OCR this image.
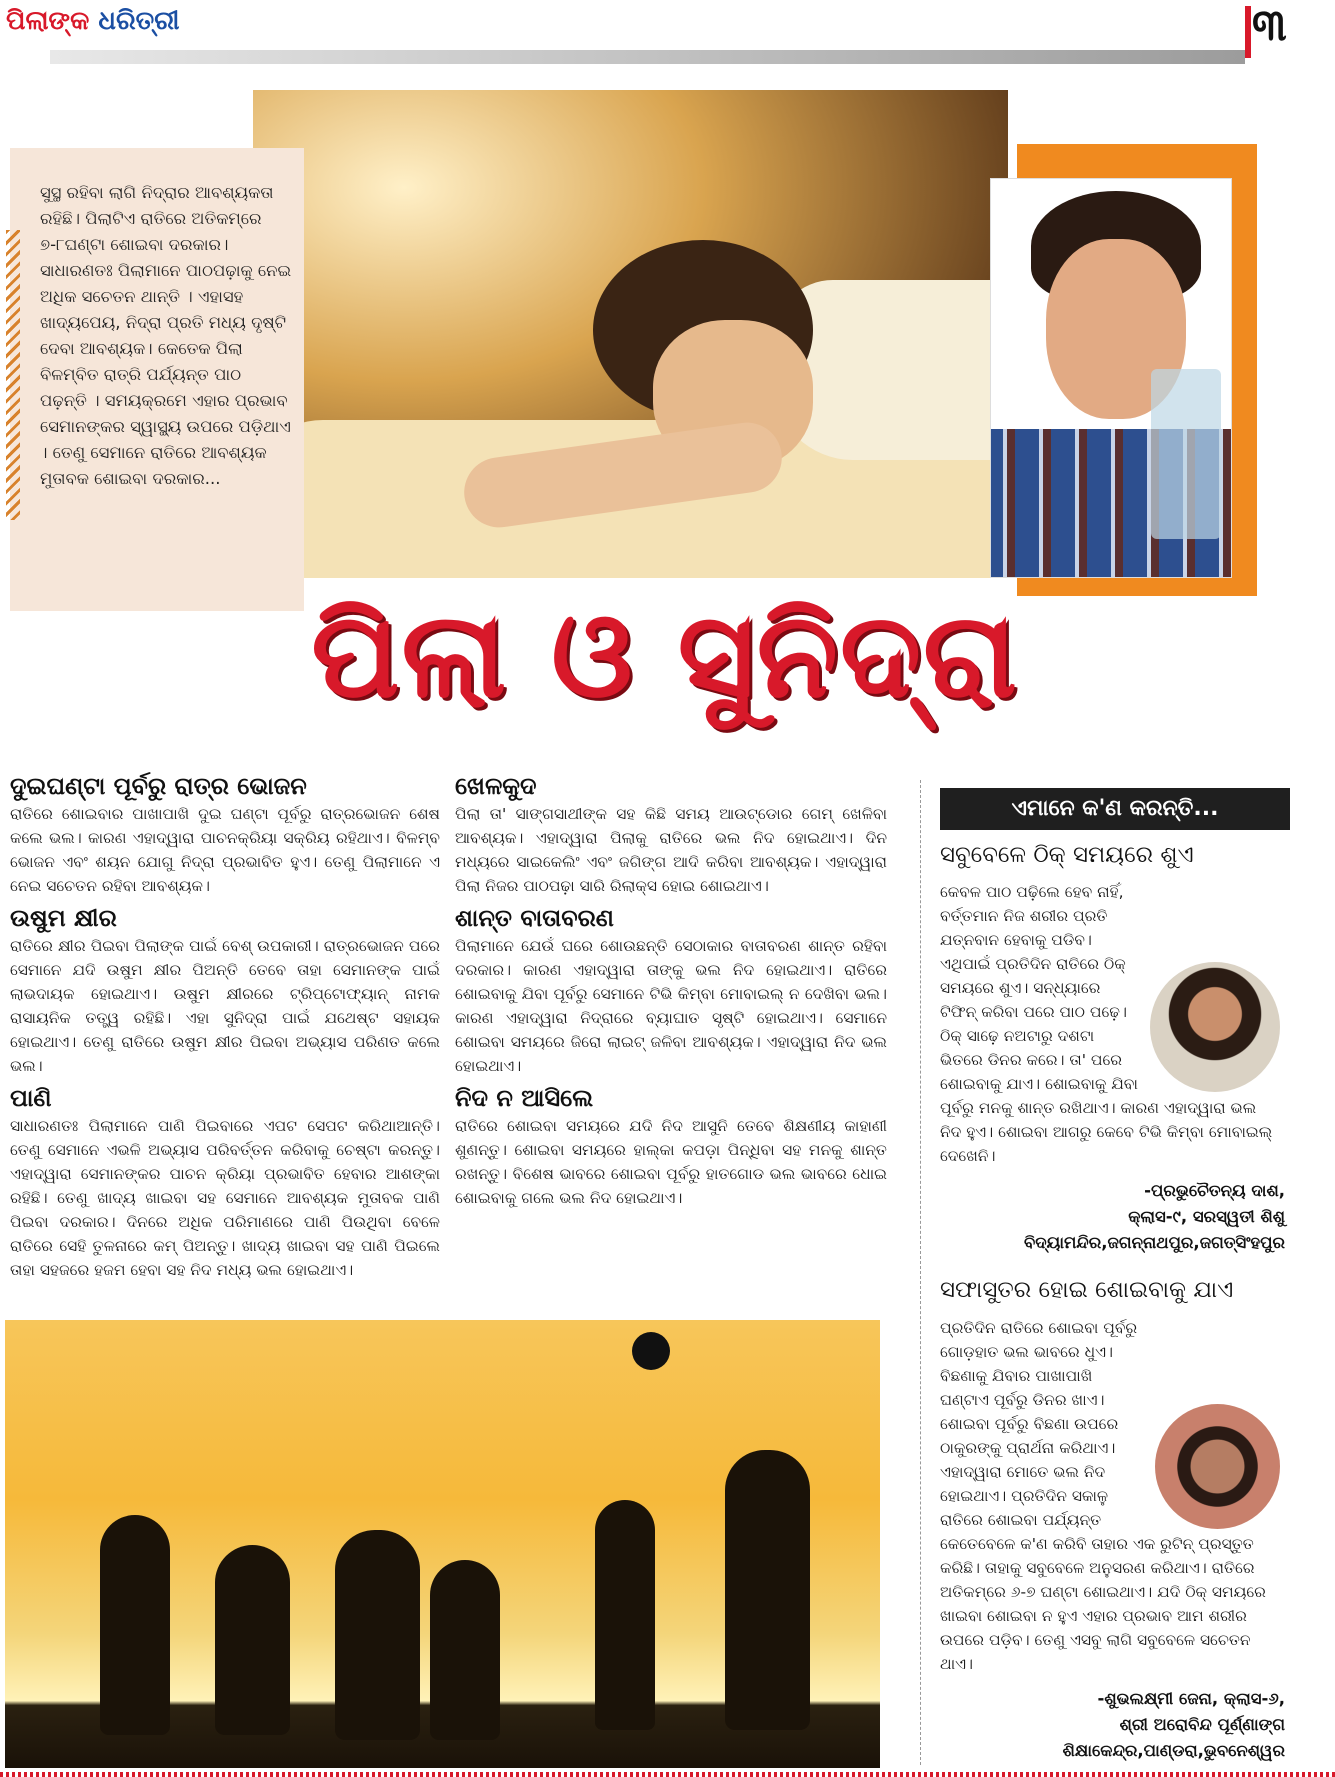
ପିଲାଙ୍କ ଧରିତ୍ରୀ	୩
ସୁସ୍ଥ ରହିବା ଲାଗି ନିଦ୍ରାର ଆବଶ୍ୟକତା ରହିଛି। ପିଲାଟିଏ ରାତିରେ ଅତିକମ୍‌ରେ ୭-୮ଘଣ୍ଟା ଶୋଇବା ଦରକାର। ସାଧାରଣତଃ ପିଲାମାନେ ପାଠପଢ଼ାକୁ ନେଇ ଅଧିକ ସଚେତନ ଥାନ୍ତି । ଏହାସହ ଖାଦ୍ୟପେୟ, ନିଦ୍ରା ପ୍ରତି ମଧ୍ୟ ଦୃଷ୍ଟି ଦେବା ଆବଶ୍ୟକ। କେତେକ ପିଲା ବିଳମ୍ବିତ ରାତ୍ରି ପର୍ଯ୍ୟନ୍ତ ପାଠ ପଢ଼ନ୍ତି । ସମୟକ୍ରମେ ଏହାର ପ୍ରଭାବ ସେମାନଙ୍କର ସ୍ୱାସ୍ଥ୍ୟ ଉପରେ ପଡ଼ିଥାଏ । ତେଣୁ ସେମାନେ ରାତିରେ ଆବଶ୍ୟକ ମୁତାବକ ଶୋଇବା ଦରକାର...
ପିଲା ଓ ସୁନିଦ୍ରା
ଦୁଇଘଣ୍ଟା ପୂର୍ବରୁ ରାତ୍ର ଭୋଜନ
ରାତିରେ ଶୋଇବାର ପାଖାପାଖି ଦୁଇ ଘଣ୍ଟା ପୂର୍ବରୁ ରାତ୍ରଭୋଜନ ଶେଷ କଲେ ଭଲ। କାରଣ ଏହାଦ୍ୱାରା ପାଚନକ୍ରିୟା ସକ୍ରିୟ ରହିଥାଏ। ବିଳମ୍ବ ଭୋଜନ ଏବଂ ଶୟନ ଯୋଗୁ ନିଦ୍ରା ପ୍ରଭାବିତ ହୁଏ। ତେଣୁ ପିଲାମାନେ ଏ ନେଇ ସଚେତନ ରହିବା ଆବଶ୍ୟକ।
ଉଷୁମ କ୍ଷୀର
ରାତିରେ କ୍ଷୀର ପିଇବା ପିଲାଙ୍କ ପାଇଁ ବେଶ୍ ଉପକାରୀ। ରାତ୍ରଭୋଜନ ପରେ ସେମାନେ ଯଦି ଉଷୁମ କ୍ଷୀର ପିଅନ୍ତି ତେବେ ତାହା ସେମାନଙ୍କ ପାଇଁ ଲାଭଦାୟକ ହୋଇଥାଏ। ଉଷୁମ କ୍ଷୀରରେ ଟ୍ରିପ୍ଟୋଫ୍ୟାନ୍ ନାମକ ରାସାୟନିକ ତତ୍ତ୍ୱ ରହିଛି। ଏହା ସୁନିଦ୍ରା ପାଇଁ ଯଥେଷ୍ଟ ସହାୟକ ହୋଇଥାଏ। ତେଣୁ ରାତିରେ ଉଷୁମ କ୍ଷୀର ପିଇବା ଅଭ୍ୟାସ ପରିଣତ କଲେ ଭଲ।
ପାଣି
ସାଧାରଣତଃ ପିଲାମାନେ ପାଣି ପିଇବାରେ ଏପଟ ସେପଟ କରିଥାଆନ୍ତି। ତେଣୁ ସେମାନେ ଏଭଳି ଅଭ୍ୟାସ ପରିବର୍ତ୍ତନ କରିବାକୁ ଚେଷ୍ଟା କରନ୍ତୁ। ଏହାଦ୍ୱାରା ସେମାନଙ୍କର ପାଚନ କ୍ରିୟା ପ୍ରଭାବିତ ହେବାର ଆଶଙ୍କା ରହିଛି। ତେଣୁ ଖାଦ୍ୟ ଖାଇବା ସହ ସେମାନେ ଆବଶ୍ୟକ ମୁତାବକ ପାଣି ପିଇବା ଦରକାର। ଦିନରେ ଅଧିକ ପରିମାଣରେ ପାଣି ପିଉଥିବା ବେଳେ ରାତିରେ ସେହି ତୁଳନାରେ କମ୍ ପିଅନ୍ତୁ। ଖାଦ୍ୟ ଖାଇବା ସହ ପାଣି ପିଇଲେ ତାହା ସହଜରେ ହଜମ ହେବା ସହ ନିଦ ମଧ୍ୟ ଭଲ ହୋଇଥାଏ।
ଖେଳକୁଦ
ପିଲା ତା' ସାଙ୍ଗସାଥୀଙ୍କ ସହ କିଛି ସମୟ ଆଉଟ୍‌ଡୋର ଗେମ୍ ଖେଳିବା ଆବଶ୍ୟକ। ଏହାଦ୍ୱାରା ପିଲାକୁ ରାତିରେ ଭଲ ନିଦ ହୋଇଥାଏ। ଦିନ ମଧ୍ୟରେ ସାଇକେଲିଂ ଏବଂ ଜଗିଙ୍ଗ ଆଦି କରିବା ଆବଶ୍ୟକ। ଏହାଦ୍ୱାରା ପିଲା ନିଜର ପାଠପଢ଼ା ସାରି ରିଲାକ୍ସ ହୋଇ ଶୋଇଥାଏ।
ଶାନ୍ତ ବାତାବରଣ
ପିଲାମାନେ ଯେଉଁ ଘରେ ଶୋଉଛନ୍ତି ସେଠାକାର ବାତାବରଣ ଶାନ୍ତ ରହିବା ଦରକାର। କାରଣ ଏହାଦ୍ୱାରା ତାଙ୍କୁ ଭଲ ନିଦ ହୋଇଥାଏ। ରାତିରେ ଶୋଇବାକୁ ଯିବା ପୂର୍ବରୁ ସେମାନେ ଟିଭି କିମ୍ବା ମୋବାଇଲ୍ ନ ଦେଖିବା ଭଲ। କାରଣ ଏହାଦ୍ୱାରା ନିଦ୍ରାରେ ବ୍ୟାଘାତ ସୃଷ୍ଟି ହୋଇଥାଏ। ସେମାନେ ଶୋଇବା ସମୟରେ ଜିରୋ ଲାଇଟ୍ ଜଳିବା ଆବଶ୍ୟକ। ଏହାଦ୍ୱାରା ନିଦ ଭଲ ହୋଇଥାଏ।
ନିଦ ନ ଆସିଲେ
ରାତିରେ ଶୋଇବା ସମୟରେ ଯଦି ନିଦ ଆସୁନି ତେବେ ଶିକ୍ଷଣୀୟ କାହାଣୀ ଶୁଣନ୍ତୁ। ଶୋଇବା ସମୟରେ ହାଲ୍‌କା କପଡ଼ା ପିନ୍ଧିବା ସହ ମନକୁ ଶାନ୍ତ ରଖନ୍ତୁ। ବିଶେଷ ଭାବରେ ଶୋଇବା ପୂର୍ବରୁ ହାତଗୋଡ ଭଲ ଭାବରେ ଧୋଇ ଶୋଇବାକୁ ଗଲେ ଭଲ ନିଦ ହୋଇଥାଏ।
ଏମାନେ କ'ଣ କରନ୍ତି...
ସବୁବେଳେ ଠିକ୍ ସମୟରେ ଶୁଏ
କେବଳ ପାଠ ପଢ଼ିଲେ ହେବ ନାହିଁ, ବର୍ତ୍ତମାନ ନିଜ ଶରୀର ପ୍ରତି ଯତ୍ନବାନ ହେବାକୁ ପଡିବ। ଏଥିପାଇଁ ପ୍ରତିଦିନ ରାତିରେ ଠିକ୍ ସମୟରେ ଶୁଏ। ସନ୍ଧ୍ୟାରେ ଟିଫିନ୍ କରିବା ପରେ ପାଠ ପଢ଼େ। ଠିକ୍ ସାଢ଼େ ନଅଟାରୁ ଦଶଟା ଭିତରେ ଡିନର କରେ। ତା' ପରେ ଶୋଇବାକୁ ଯାଏ। ଶୋଇବାକୁ ଯିବା ପୂର୍ବରୁ ମନକୁ ଶାନ୍ତ ରଖିଥାଏ। କାରଣ ଏହାଦ୍ୱାରା ଭଲ ନିଦ ହୁଏ। ଶୋଇବା ଆଗରୁ କେବେ ଟିଭି କିମ୍ବା ମୋବାଇଲ୍ ଦେଖେନି।
-ପ୍ରଭୁଚୈତନ୍ୟ ଦାଶ,
କ୍ଲାସ-୯, ସରସ୍ୱତୀ ଶିଶୁ
ବିଦ୍ୟାମନ୍ଦିର,ଜଗନ୍ନାଥପୁର,ଜଗତ୍‌ସିଂହପୁର
ସଫାସୁତର ହୋଇ ଶୋଇବାକୁ ଯାଏ
ପ୍ରତିଦିନ ରାତିରେ ଶୋଇବା ପୂର୍ବରୁ ଗୋଡ଼ହାତ ଭଲ ଭାବରେ ଧୁଏ। ବିଛଣାକୁ ଯିବାର ପାଖାପାଖି ଘଣ୍ଟାଏ ପୂର୍ବରୁ ଡିନର ଖାଏ। ଶୋଇବା ପୂର୍ବରୁ ବିଛଣା ଉପରେ ଠାକୁରଙ୍କୁ ପ୍ରାର୍ଥନା କରିଥାଏ। ଏହାଦ୍ୱାରା ମୋତେ ଭଲ ନିଦ ହୋଇଥାଏ। ପ୍ରତିଦିନ ସକାଳୁ ରାତିରେ ଶୋଇବା ପର୍ଯ୍ୟନ୍ତ କେତେବେଳେ କ'ଣ କରିବି ତାହାର ଏକ ରୁଟିନ୍ ପ୍ରସ୍ତୁତ କରିଛି। ତାହାକୁ ସବୁବେଳେ ଅନୁସରଣ କରିଥାଏ। ରାତିରେ ଅତିକମ୍‌ରେ ୬-୭ ଘଣ୍ଟା ଶୋଇଥାଏ। ଯଦି ଠିକ୍ ସମୟରେ ଖାଇବା ଶୋଇବା ନ ହୁଏ ଏହାର ପ୍ରଭାବ ଆମ ଶରୀର ଉପରେ ପଡ଼ିବ। ତେଣୁ ଏସବୁ ଲାଗି ସବୁବେଳେ ସଚେତନ ଥାଏ।
-ଶୁଭଲକ୍ଷ୍ମୀ ଜେନା, କ୍ଲାସ-୬,
ଶ୍ରୀ ଅରୋବିନ୍ଦ ପୂର୍ଣ୍ଣାଙ୍ଗ ଶିକ୍ଷାକେନ୍ଦ୍ର,ପାଣ୍ଡରା,ଭୁବନେଶ୍ୱର
